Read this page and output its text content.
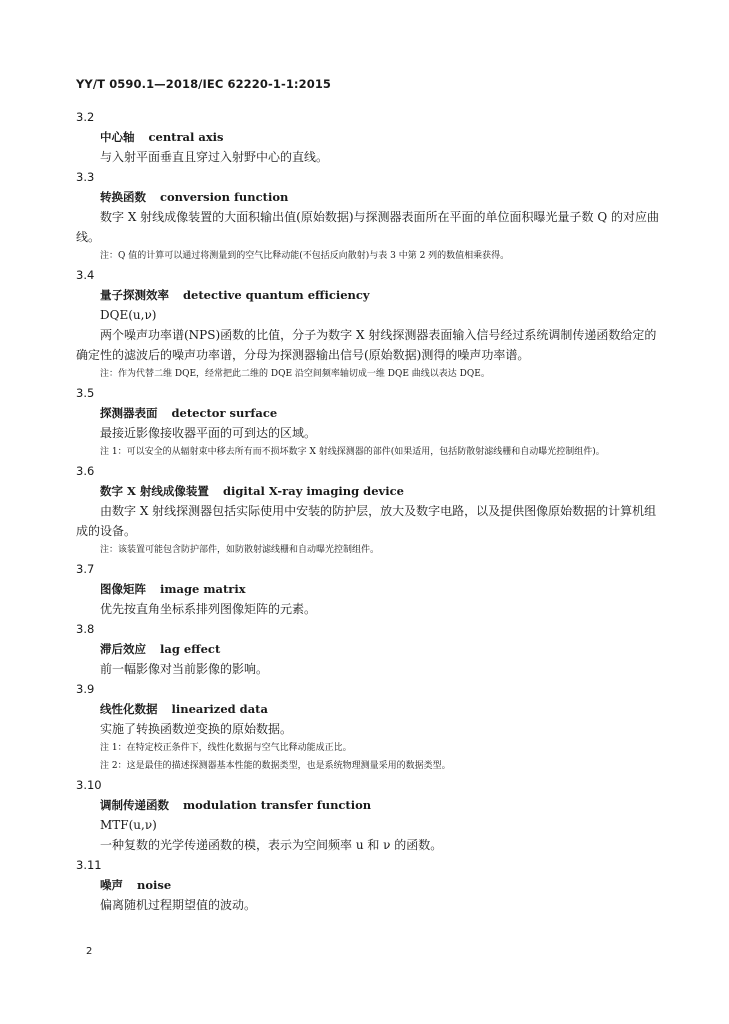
YY/T 0590.1—2018/IEC 62220-1-1:2015
3.2
中心轴 central axis
与入射平面垂直且穿过入射野中心的直线。
3.3
转换函数 conversion function
数字 X 射线成像装置的大面积输出值(原始数据)与探测器表面所在平面的单位面积曝光量子数 Q 的对应曲线。
注：Q 值的计算可以通过将测量到的空气比释动能(不包括反向散射)与表 3 中第 2 列的数值相乘获得。
3.4
量子探测效率 detective quantum efficiency
DQE(u,ν)
两个噪声功率谱(NPS)函数的比值，分子为数字 X 射线探测器表面输入信号经过系统调制传递函数给定的确定性的滤波后的噪声功率谱，分母为探测器输出信号(原始数据)测得的噪声功率谱。
注：作为代替二维 DQE，经常把此二维的 DQE 沿空间频率轴切成一维 DQE 曲线以表达 DQE。
3.5
探测器表面 detector surface
最接近影像接收器平面的可到达的区域。
注 1：可以安全的从辐射束中移去所有而不损坏数字 X 射线探测器的部件(如果适用，包括防散射滤线栅和自动曝光控制组件)。
3.6
数字 X 射线成像装置 digital X-ray imaging device
由数字 X 射线探测器包括实际使用中安装的防护层，放大及数字电路，以及提供图像原始数据的计算机组成的设备。
注：该装置可能包含防护部件，如防散射滤线栅和自动曝光控制组件。
3.7
图像矩阵 image matrix
优先按直角坐标系排列图像矩阵的元素。
3.8
滞后效应 lag effect
前一幅影像对当前影像的影响。
3.9
线性化数据 linearized data
实施了转换函数逆变换的原始数据。
注 1：在特定校正条件下，线性化数据与空气比释动能成正比。
注 2：这是最佳的描述探测器基本性能的数据类型，也是系统物理测量采用的数据类型。
3.10
调制传递函数 modulation transfer function
MTF(u,ν)
一种复数的光学传递函数的模，表示为空间频率 u 和 ν 的函数。
3.11
噪声 noise
偏离随机过程期望值的波动。
2
